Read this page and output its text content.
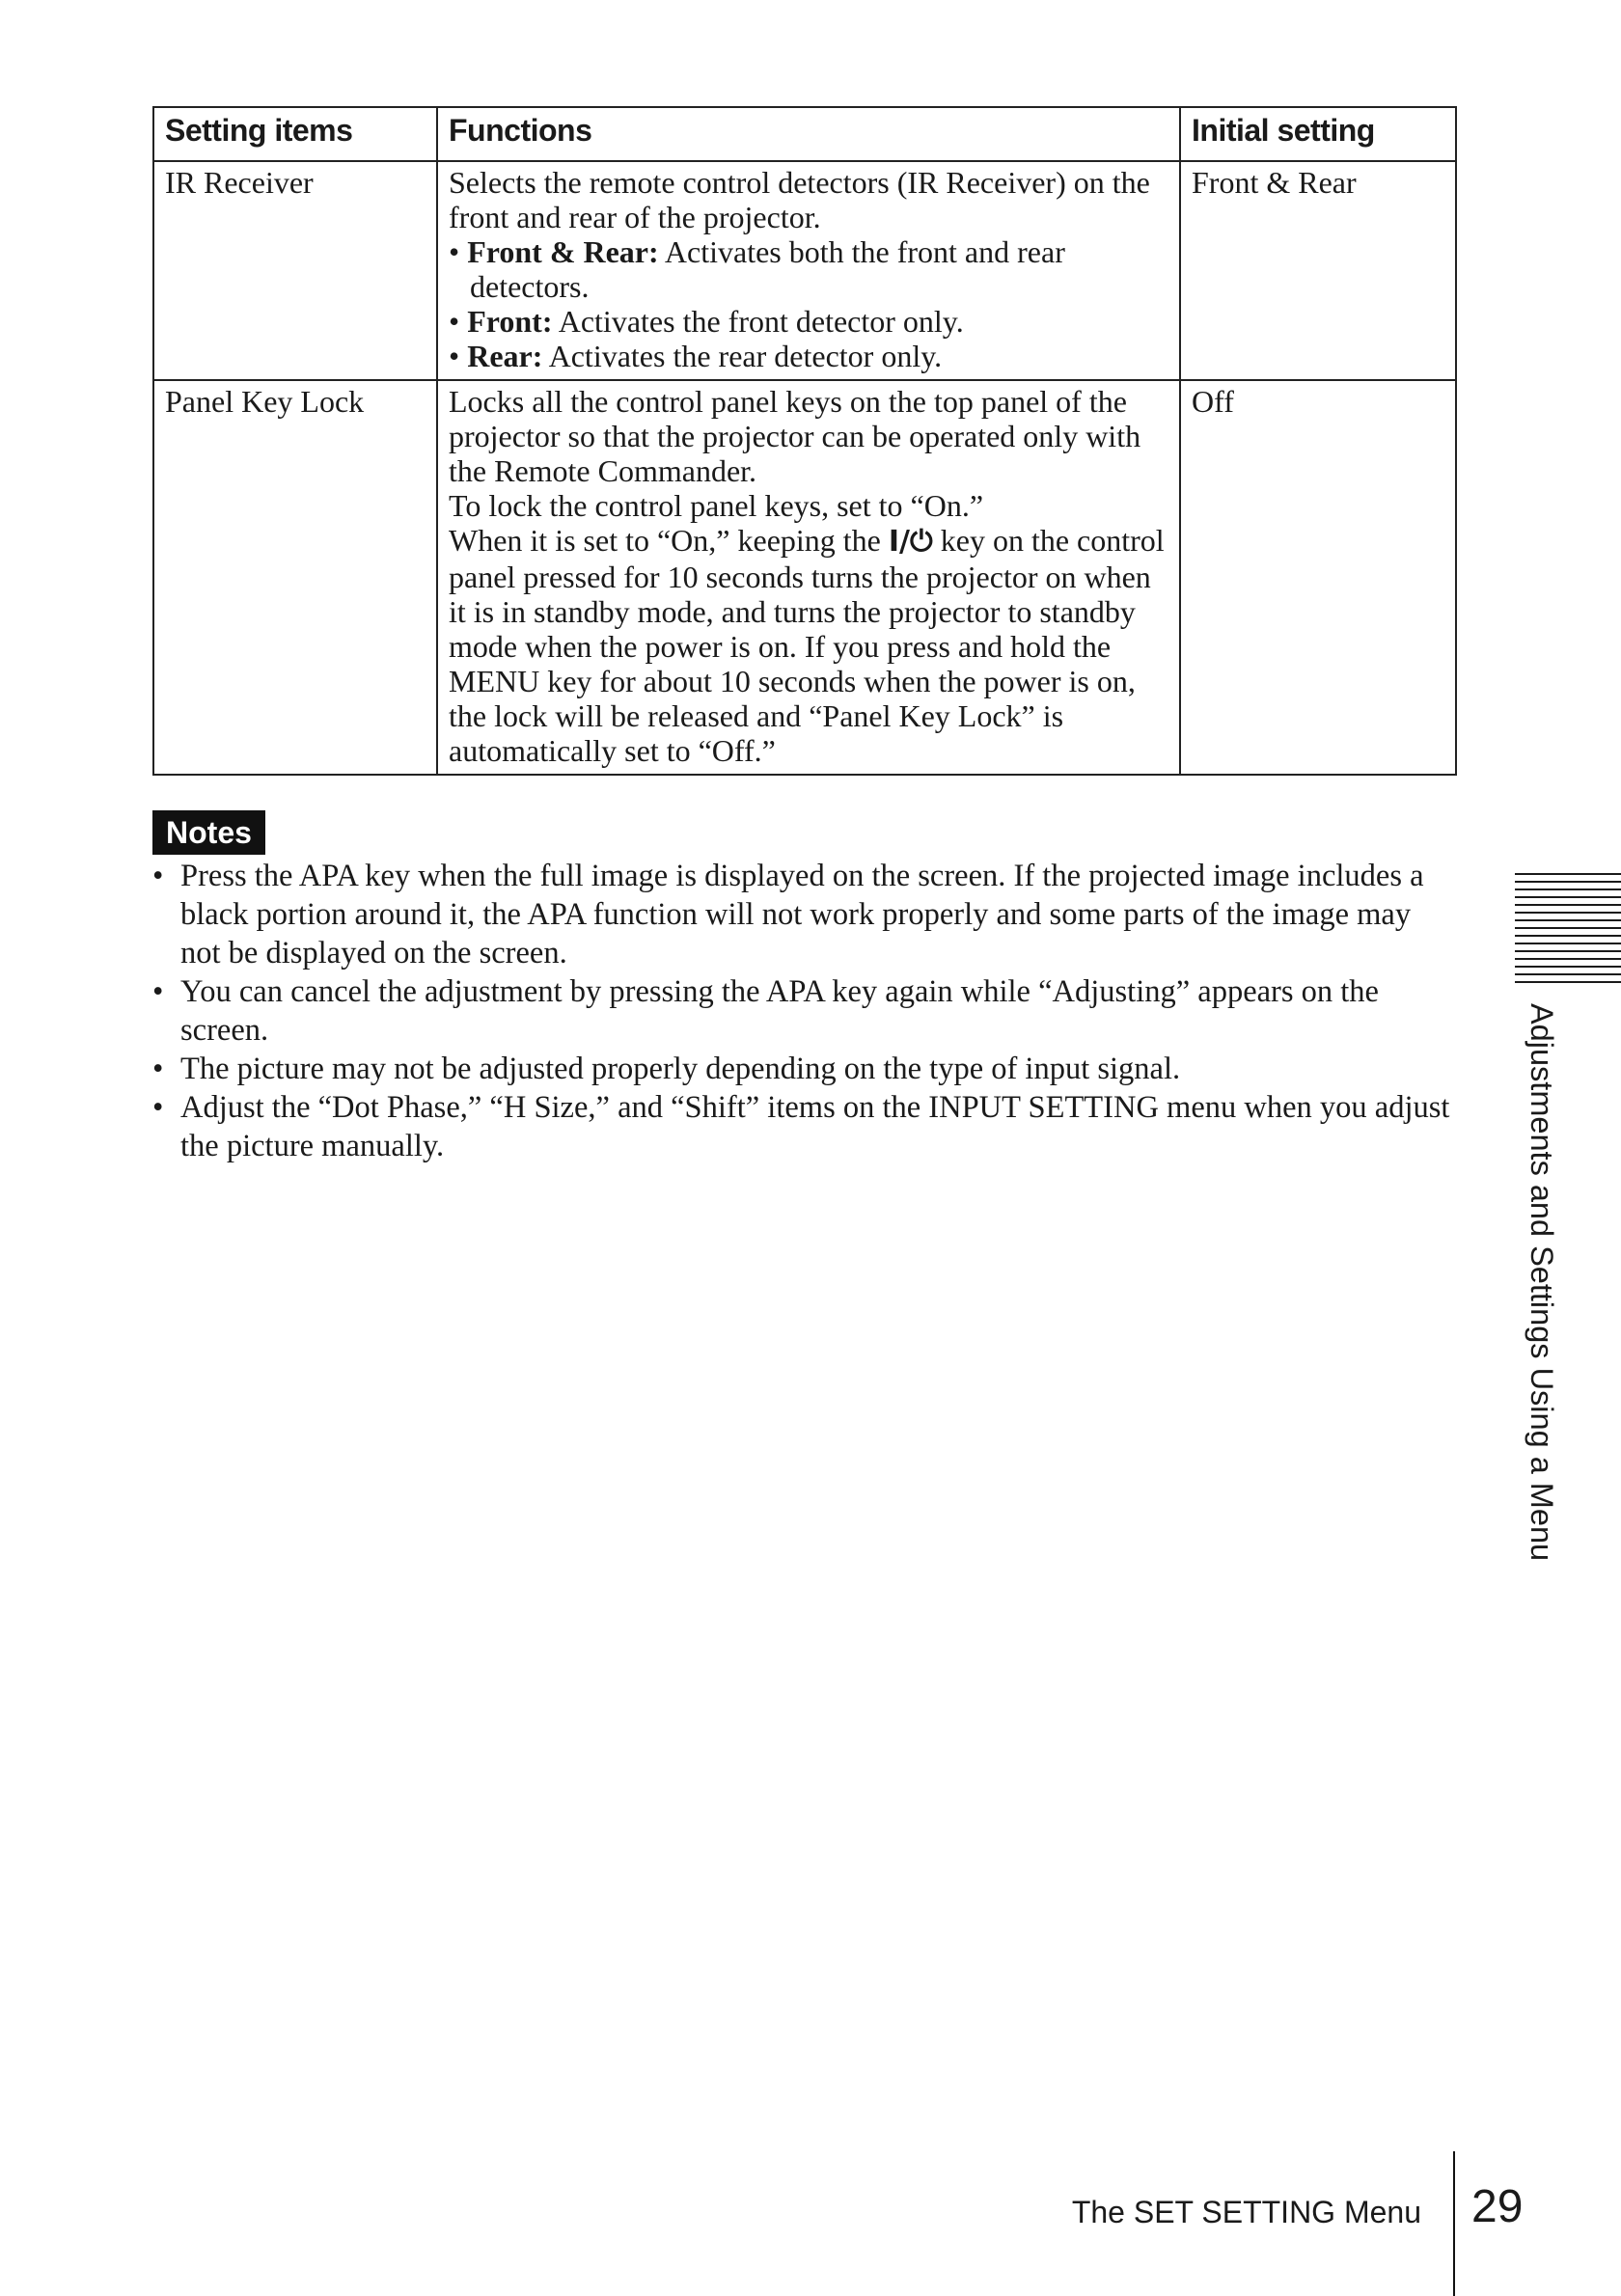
Setting items	Functions	Initial setting
IR Receiver	Selects the remote control detectors (IR Receiver) on the front and rear of the projector.
• Front & Rear: Activates both the front and rear detectors.
• Front: Activates the front detector only.
• Rear: Activates the rear detector only.	Front & Rear
Panel Key Lock	Locks all the control panel keys on the top panel of the projector so that the projector can be operated only with the Remote Commander.
To lock the control panel keys, set to “On.”
When it is set to “On,” keeping the I/⏻ key on the control panel pressed for 10 seconds turns the projector on when it is in standby mode, and turns the projector to standby mode when the power is on. If you press and hold the MENU key for about 10 seconds when the power is on, the lock will be released and “Panel Key Lock” is automatically set to “Off.”	Off
Notes
• Press the APA key when the full image is displayed on the screen. If the projected image includes a black portion around it, the APA function will not work properly and some parts of the image may not be displayed on the screen.
• You can cancel the adjustment by pressing the APA key again while “Adjusting” appears on the screen.
• The picture may not be adjusted properly depending on the type of input signal.
• Adjust the “Dot Phase,” “H Size,” and “Shift” items on the INPUT SETTING menu when you adjust the picture manually.	Adjustments and Settings Using a Menu
The SET SETTING Menu 29
